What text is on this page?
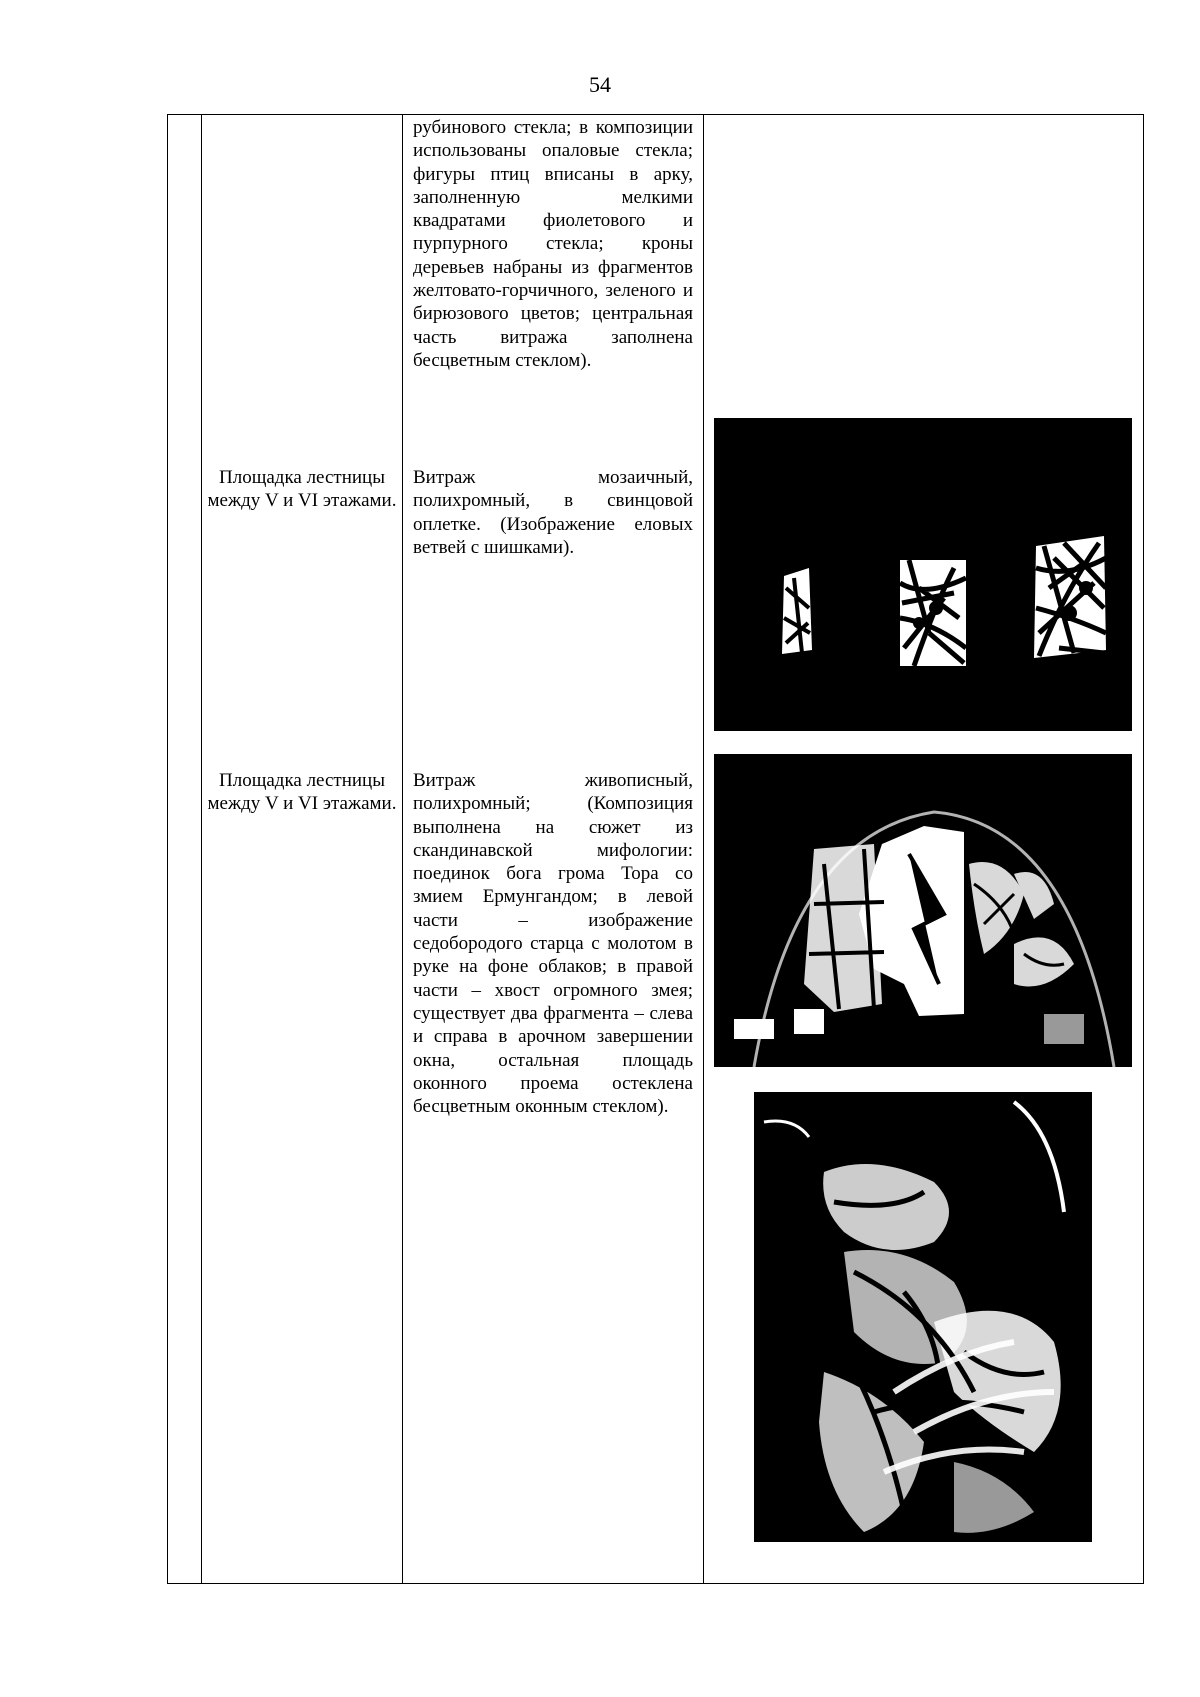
54
рубинового стекла; в композиции использованы опаловые стекла; фигуры птиц вписаны в арку, заполненную мелкими квадратами фиолетового и пурпурного стекла; кроны деревьев набраны из фрагментов желтовато-горчичного, зеленого и бирюзового цветов; центральная часть витража заполнена бесцветным стеклом).
Площадка лестницы между V и VI этажами.
Витраж мозаичный, полихромный, в свинцовой оплетке. (Изображение еловых ветвей с шишками).
Площадка лестницы между V и VI этажами.
Витраж живописный, полихромный; (Композиция выполнена на сюжет из скандинавской мифологии: поединок бога грома Тора со змием Ермунгандом; в левой части – изображение седобородого старца с молотом в руке на фоне облаков; в правой части – хвост огромного змея; существует два фрагмента – слева и справа в арочном завершении окна, остальная площадь оконного проема остеклена бесцветным оконным стеклом).
